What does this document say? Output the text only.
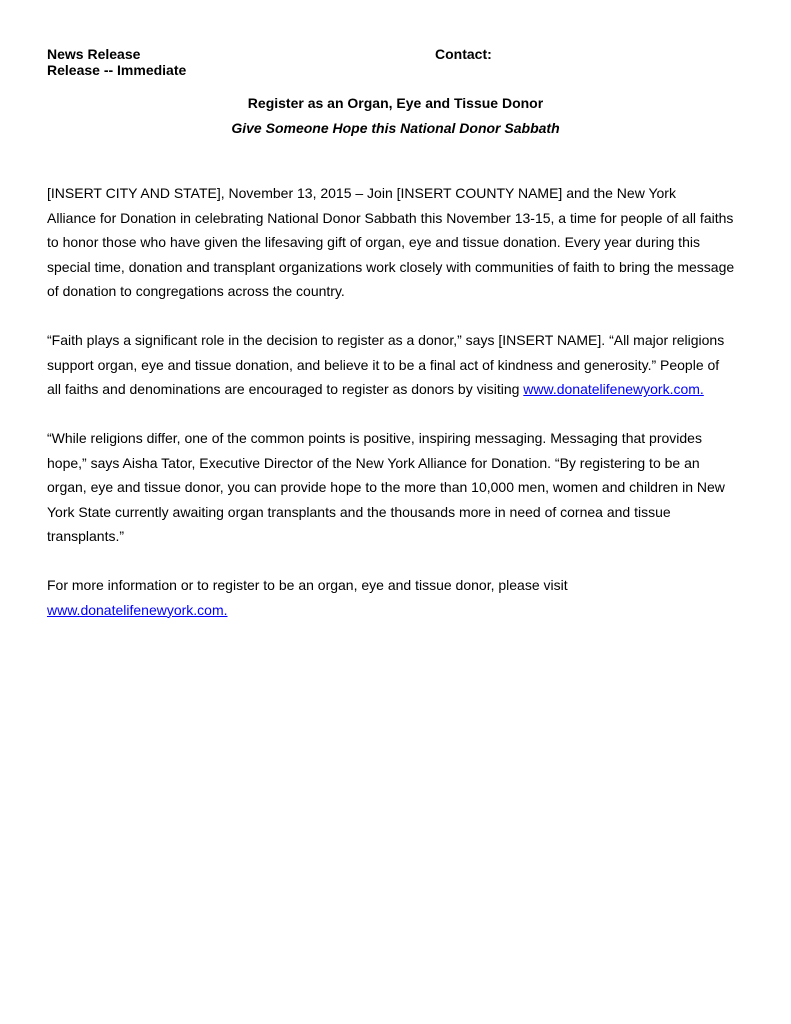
News Release
Release -- Immediate
Contact:
Register as an Organ, Eye and Tissue Donor
Give Someone Hope this National Donor Sabbath
[INSERT CITY AND STATE], November 13, 2015 – Join [INSERT COUNTY NAME] and the New York
Alliance for Donation in celebrating National Donor Sabbath this November 13-15, a time for people of all faiths
to honor those who have given the lifesaving gift of organ, eye and tissue donation. Every year during this
special time, donation and transplant organizations work closely with communities of faith to bring the message
of donation to congregations across the country.
“Faith plays a significant role in the decision to register as a donor,” says [INSERT NAME]. “All major religions
support organ, eye and tissue donation, and believe it to be a final act of kindness and generosity.” People of
all faiths and denominations are encouraged to register as donors by visiting www.donatelifenewyork.com.
“While religions differ, one of the common points is positive, inspiring messaging. Messaging that provides
hope,” says Aisha Tator, Executive Director of the New York Alliance for Donation. “By registering to be an
organ, eye and tissue donor, you can provide hope to the more than 10,000 men, women and children in New
York State currently awaiting organ transplants and the thousands more in need of cornea and tissue
transplants.”
For more information or to register to be an organ, eye and tissue donor, please visit
www.donatelifenewyork.com.
